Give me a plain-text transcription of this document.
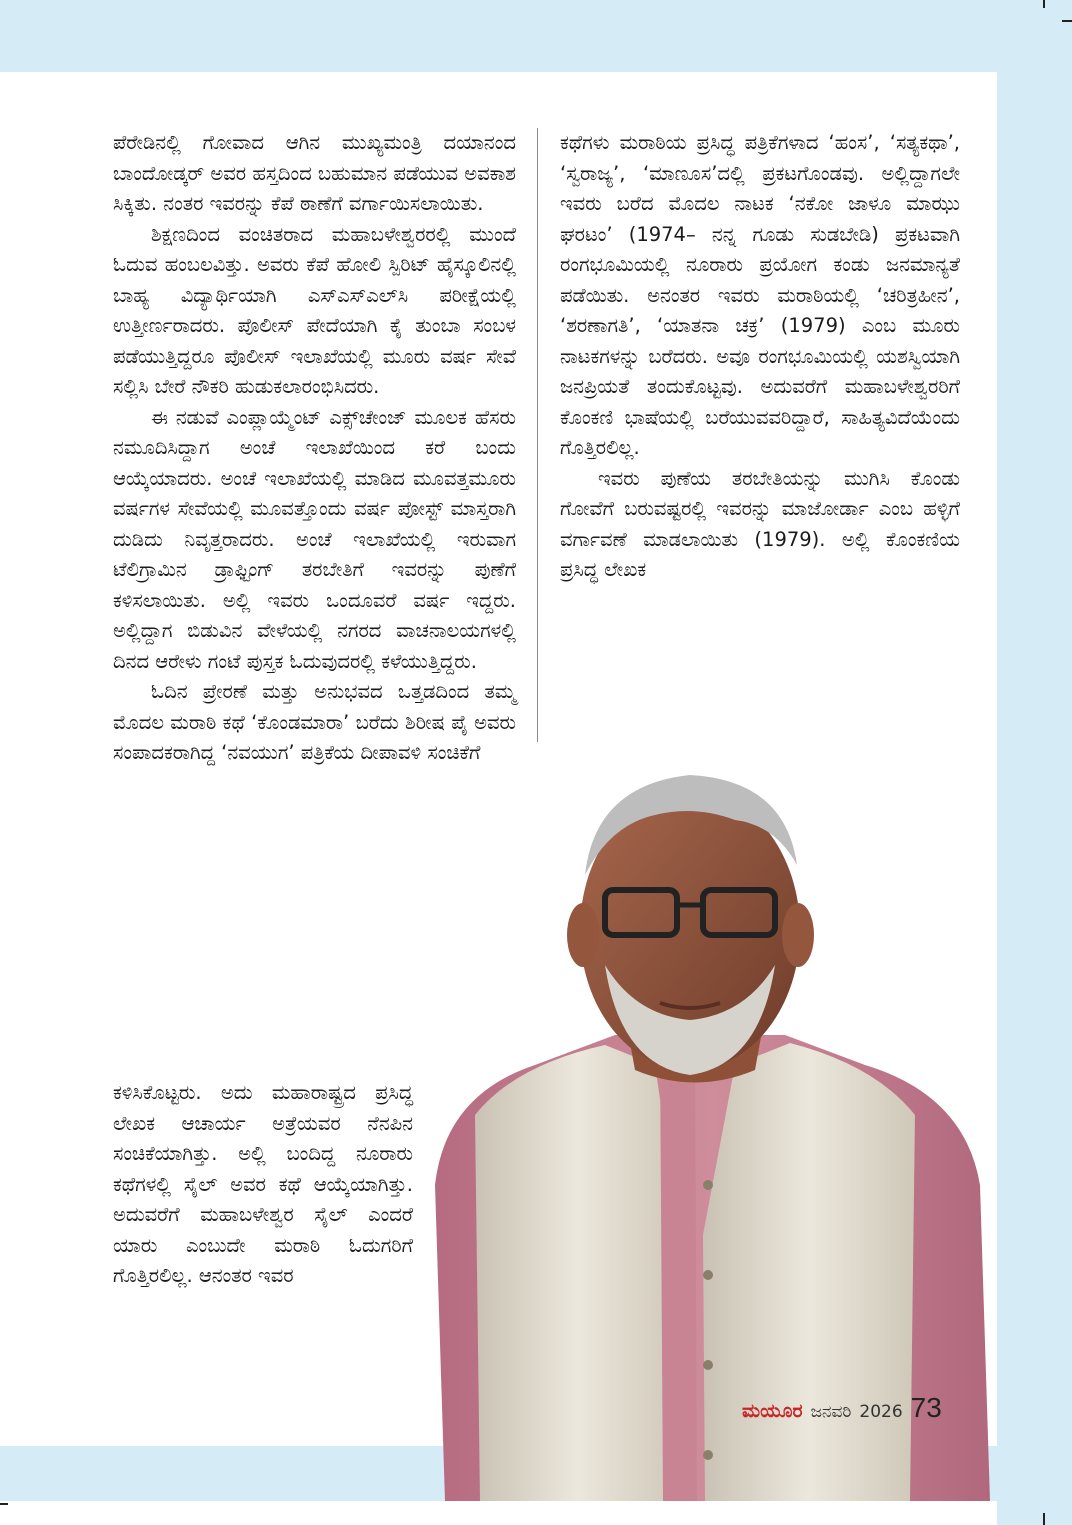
ಪೆರೇಡಿನಲ್ಲಿ ಗೋವಾದ ಆಗಿನ ಮುಖ್ಯಮಂತ್ರಿ ದಯಾನಂದ ಬಾಂದೋಡ್ಕರ್ ಅವರ ಹಸ್ತದಿಂದ ಬಹುಮಾನ ಪಡೆಯುವ ಅವಕಾಶ ಸಿಕ್ಕಿತು. ನಂತರ ಇವರನ್ನು ಕೆಪೆ ಠಾಣೆಗೆ ವರ್ಗಾಯಿಸಲಾಯಿತು.

ಶಿಕ್ಷಣದಿಂದ ವಂಚಿತರಾದ ಮಹಾಬಳೇಶ್ವರರಲ್ಲಿ ಮುಂದೆ ಓದುವ ಹಂಬಲವಿತ್ತು. ಅವರು ಕೆಪೆ ಹೋಲಿ ಸ್ಪಿರಿಟ್ ಹೈಸ್ಕೂಲಿನಲ್ಲಿ ಬಾಹ್ಯ ವಿದ್ಯಾರ್ಥಿಯಾಗಿ ಎಸ್ಎಸ್ಎಲ್‌ಸಿ ಪರೀಕ್ಷೆಯಲ್ಲಿ ಉತ್ತೀರ್ಣರಾದರು. ಪೊಲೀಸ್ ಪೇದೆಯಾಗಿ ಕೈ ತುಂಬಾ ಸಂಬಳ ಪಡೆಯುತ್ತಿದ್ದರೂ ಪೊಲೀಸ್ ಇಲಾಖೆಯಲ್ಲಿ ಮೂರು ವರ್ಷ ಸೇವೆ ಸಲ್ಲಿಸಿ ಬೇರೆ ನೌಕರಿ ಹುಡುಕಲಾರಂಭಿಸಿದರು.

ಈ ನಡುವೆ ಎಂಪ್ಲಾಯ್ಮೆಂಟ್ ಎಕ್ಸ್‌ಚೇಂಜ್ ಮೂಲಕ ಹೆಸರು ನಮೂದಿಸಿದ್ದಾಗ ಅಂಚೆ ಇಲಾಖೆಯಿಂದ ಕರೆ ಬಂದು ಆಯ್ಕೆಯಾದರು. ಅಂಚೆ ಇಲಾಖೆಯಲ್ಲಿ ಮಾಡಿದ ಮೂವತ್ತಮೂರು ವರ್ಷಗಳ ಸೇವೆಯಲ್ಲಿ ಮೂವತ್ತೊಂದು ವರ್ಷ ಪೋಸ್ಟ್ ಮಾಸ್ತರಾಗಿ ದುಡಿದು ನಿವೃತ್ತರಾದರು. ಅಂಚೆ ಇಲಾಖೆಯಲ್ಲಿ ಇರುವಾಗ ಟೆಲಿಗ್ರಾಮಿನ ಡ್ರಾಫ್ಟಿಂಗ್ ತರಬೇತಿಗೆ ಇವರನ್ನು ಪುಣೆಗೆ ಕಳಿಸಲಾಯಿತು. ಅಲ್ಲಿ ಇವರು ಒಂದೂವರೆ ವರ್ಷ ಇದ್ದರು. ಅಲ್ಲಿದ್ದಾಗ ಬಿಡುವಿನ ವೇಳೆಯಲ್ಲಿ ನಗರದ ವಾಚನಾಲಯಗಳಲ್ಲಿ ದಿನದ ಆರೇಳು ಗಂಟೆ ಪುಸ್ತಕ ಓದುವುದರಲ್ಲಿ ಕಳೆಯುತ್ತಿದ್ದರು.

ಓದಿನ ಪ್ರೇರಣೆ ಮತ್ತು ಅನುಭವದ ಒತ್ತಡದಿಂದ ತಮ್ಮ ಮೊದಲ ಮರಾಠಿ ಕಥೆ ‘ಕೊಂಡಮಾರಾ’ ಬರೆದು ಶಿರೀಷ ಪೈ ಅವರು ಸಂಪಾದಕರಾಗಿದ್ದ ‘ನವಯುಗ’ ಪತ್ರಿಕೆಯ ದೀಪಾವಳಿ ಸಂಚಿಕೆಗೆ

ಕಳಿಸಿಕೊಟ್ಟರು. ಅದು ಮಹಾರಾಷ್ಟ್ರದ ಪ್ರಸಿದ್ಧ ಲೇಖಕ ಆಚಾರ್ಯ ಅತ್ರೆಯವರ ನೆನಪಿನ ಸಂಚಿಕೆಯಾಗಿತ್ತು. ಅಲ್ಲಿ ಬಂದಿದ್ದ ನೂರಾರು ಕಥೆಗಳಲ್ಲಿ ಸೈಲ್ ಅವರ ಕಥೆ ಆಯ್ಕೆಯಾಗಿತ್ತು. ಅದುವರೆಗೆ ಮಹಾಬಳೇಶ್ವರ ಸೈಲ್ ಎಂದರೆ ಯಾರು ಎಂಬುದೇ ಮರಾಠಿ ಓದುಗರಿಗೆ ಗೊತ್ತಿರಲಿಲ್ಲ. ಆನಂತರ ಇವರ

ಕಥೆಗಳು ಮರಾಠಿಯ ಪ್ರಸಿದ್ಧ ಪತ್ರಿಕೆಗಳಾದ ‘ಹಂಸ’, ‘ಸತ್ಯಕಥಾ’, ‘ಸ್ವರಾಜ್ಯ’, ‘ಮಾಣೂಸ’ದಲ್ಲಿ ಪ್ರಕಟಗೊಂಡವು. ಅಲ್ಲಿದ್ದಾಗಲೇ ಇವರು ಬರೆದ ಮೊದಲ ನಾಟಕ ‘ನಕೋ ಜಾಳೂ ಮಾಝು ಘರಟಂ’ (1974– ನನ್ನ ಗೂಡು ಸುಡಬೇಡಿ) ಪ್ರಕಟವಾಗಿ ರಂಗಭೂಮಿಯಲ್ಲಿ ನೂರಾರು ಪ್ರಯೋಗ ಕಂಡು ಜನಮಾನ್ಯತೆ ಪಡೆಯಿತು. ಅನಂತರ ಇವರು ಮರಾಠಿಯಲ್ಲಿ ‘ಚರಿತ್ರಹೀನ’, ‘ಶರಣಾಗತಿ’, ‘ಯಾತನಾ ಚಕ್ರ’ (1979) ಎಂಬ ಮೂರು ನಾಟಕಗಳನ್ನು ಬರೆದರು. ಅವೂ ರಂಗಭೂಮಿಯಲ್ಲಿ ಯಶಸ್ವಿಯಾಗಿ ಜನಪ್ರಿಯತೆ ತಂದುಕೊಟ್ಟವು. ಅದುವರೆಗೆ ಮಹಾಬಳೇಶ್ವರರಿಗೆ ಕೊಂಕಣಿ ಭಾಷೆಯಲ್ಲಿ ಬರೆಯುವವರಿದ್ದಾರೆ, ಸಾಹಿತ್ಯವಿದೆಯೆಂದು ಗೊತ್ತಿರಲಿಲ್ಲ.

ಇವರು ಪುಣೆಯ ತರಬೇತಿಯನ್ನು ಮುಗಿಸಿ ಕೊಂಡು ಗೋವೆಗೆ ಬರುವಷ್ಟರಲ್ಲಿ ಇವರನ್ನು ಮಾಜೋರ್ಡಾ ಎಂಬ ಹಳ್ಳಿಗೆ ವರ್ಗಾವಣೆ ಮಾಡಲಾಯಿತು (1979). ಅಲ್ಲಿ ಕೊಂಕಣಿಯ ಪ್ರಸಿದ್ಧ ಲೇಖಕ

ಮಯೂರ ಜನವರಿ 2026 73
